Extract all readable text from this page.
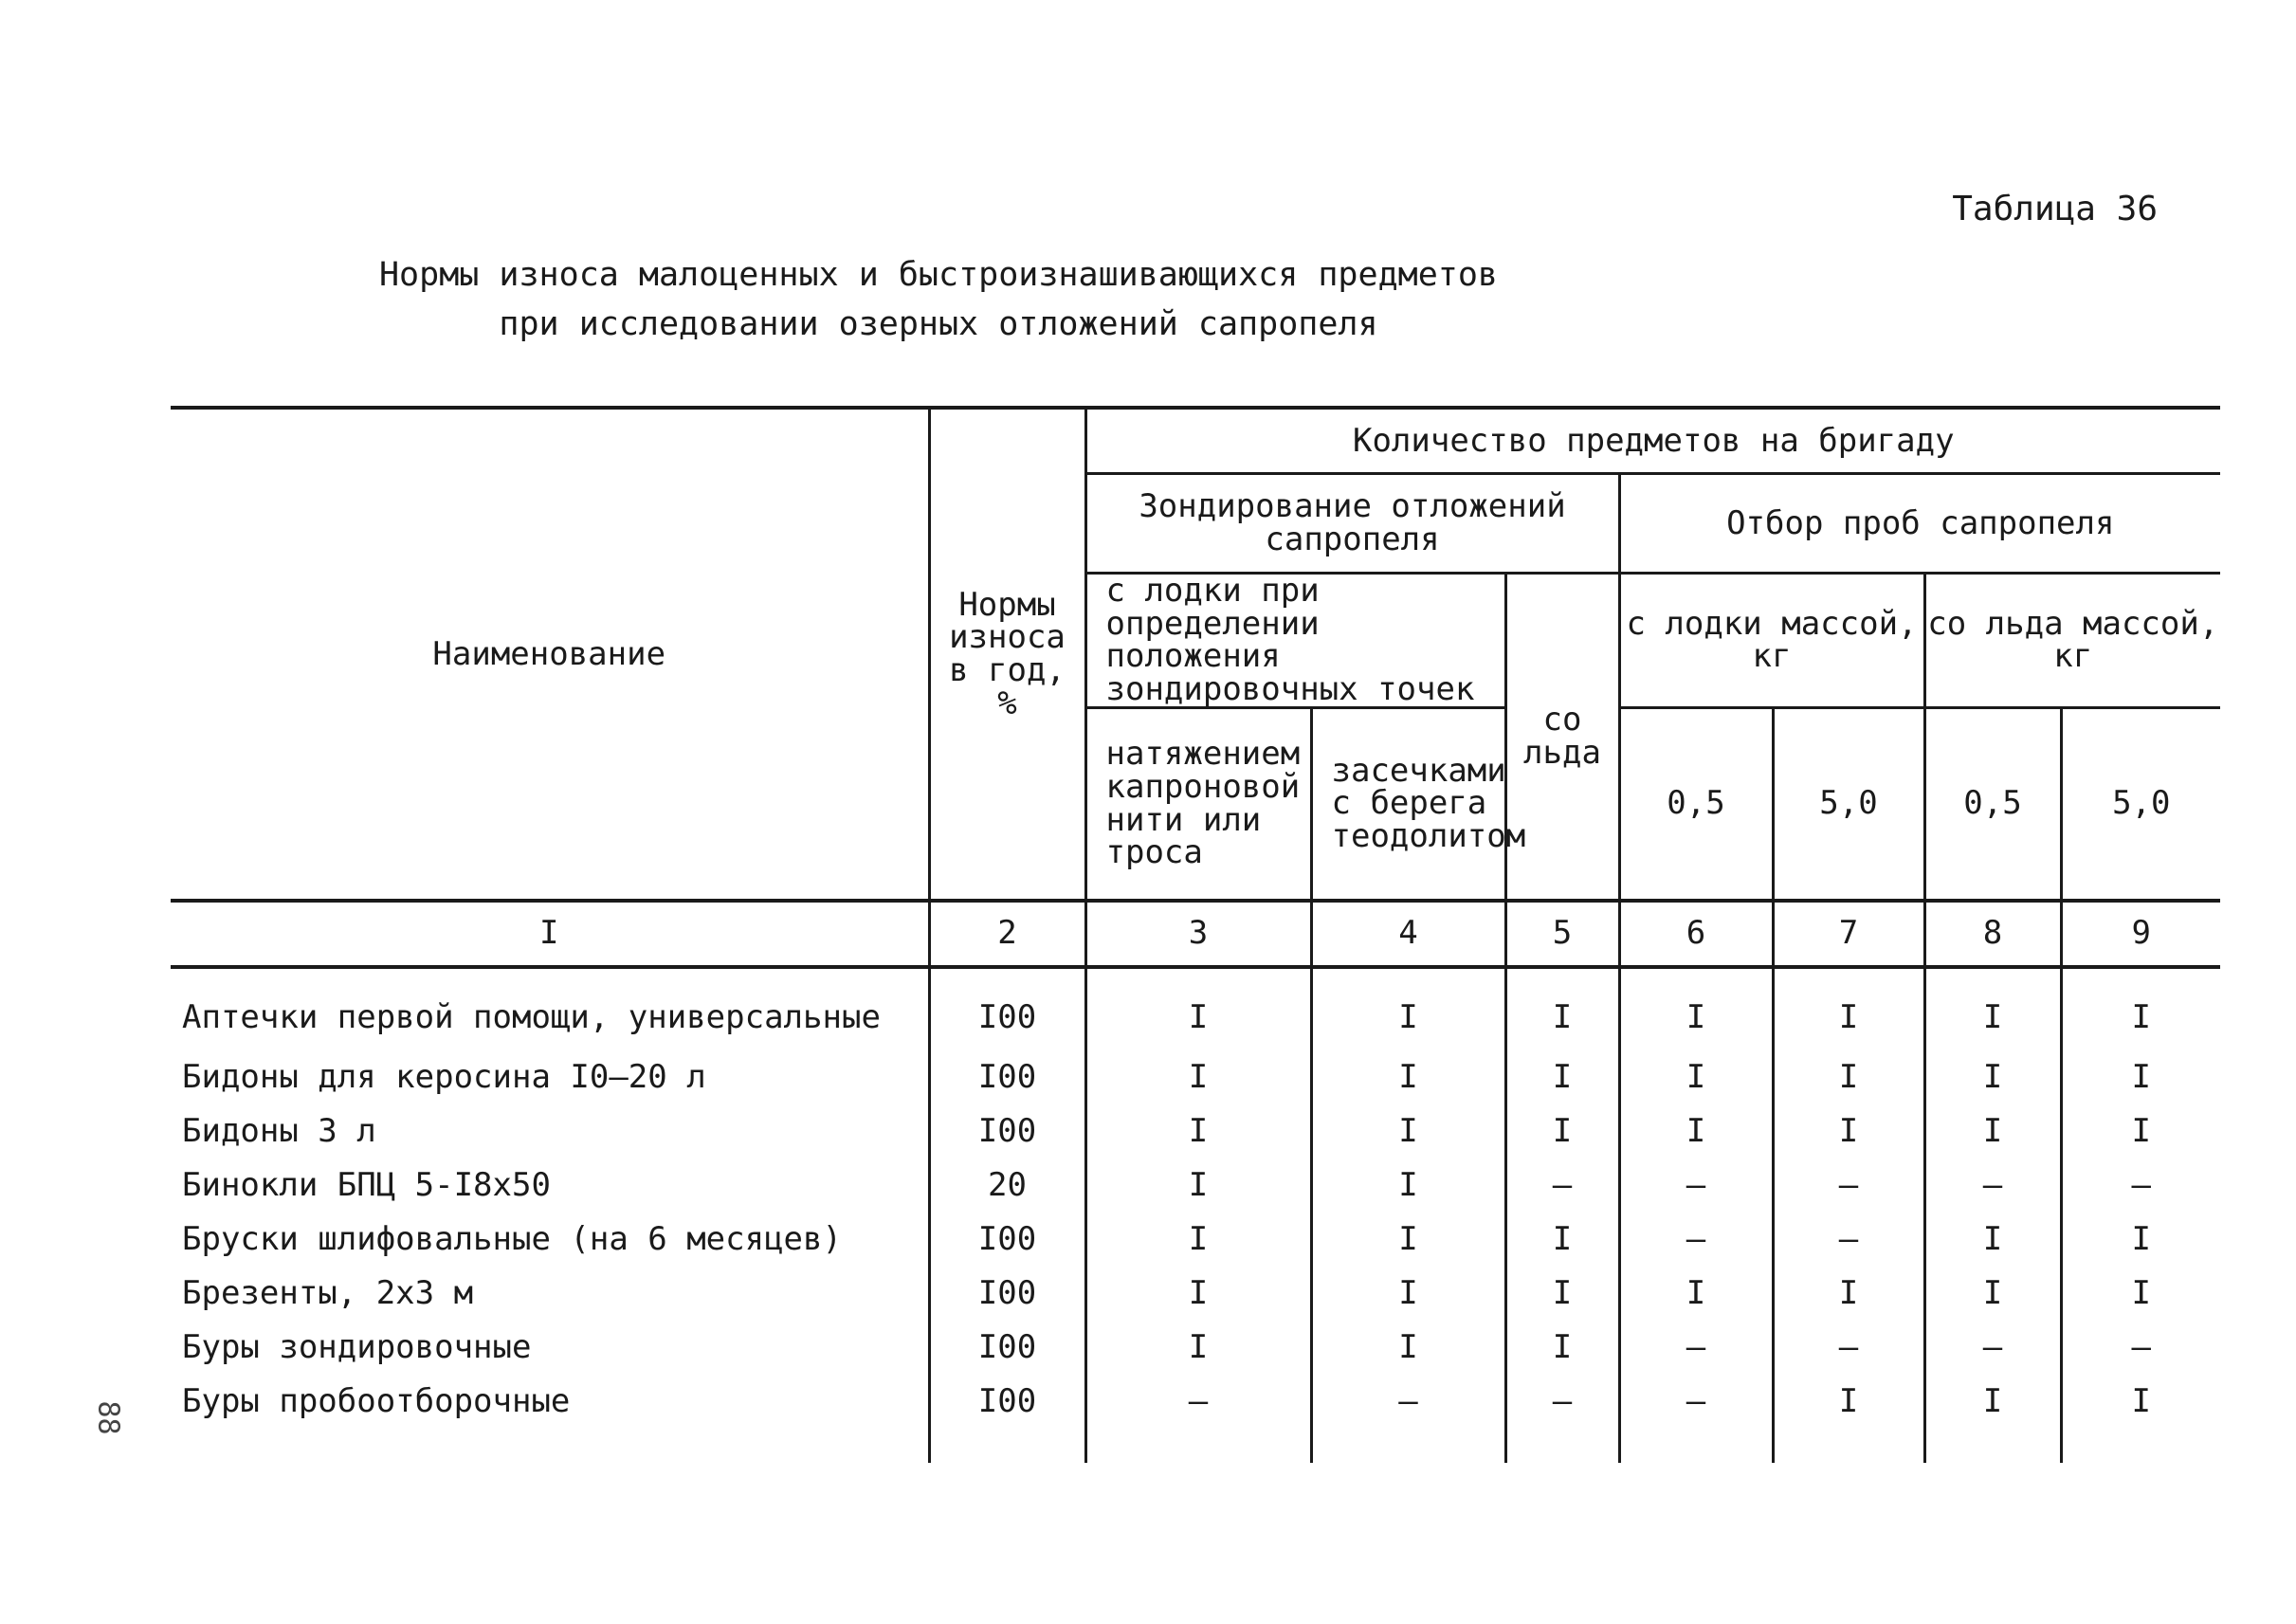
Таблица 36
Нормы износа малоценных и быстроизнашивающихся предметов
при исследовании озерных отложений сапропеля
88
Наименование	Нормы износа в год, %	Количество предметов на бригаду						
		Зондирование отложений сапропеля			Отбор проб сапропеля			
		с лодки при определении положения зондировочных точек		со льда	с лодки массой, кг		со льда массой, кг	
		натяжением капроновой нити или троса	засечками с берега теодолитом		0,5	5,0	0,5	5,0
I	2	3	4	5	6	7	8	9
Аптечки первой помощи, универсальные	I00	I	I	I	I	I	I	I
Бидоны для керосина I0–20 л	I00	I	I	I	I	I	I	I
Бидоны 3 л	I00	I	I	I	I	I	I	I
Бинокли БПЦ 5-I8х50	20	I	I	–	–	–	–	–
Бруски шлифовальные (на 6 месяцев)	I00	I	I	I	–	–	I	I
Брезенты, 2х3 м	I00	I	I	I	I	I	I	I
Буры зондировочные	I00	I	I	I	–	–	–	–
Буры пробоотборочные	I00	–	–	–	–	I	I	I
